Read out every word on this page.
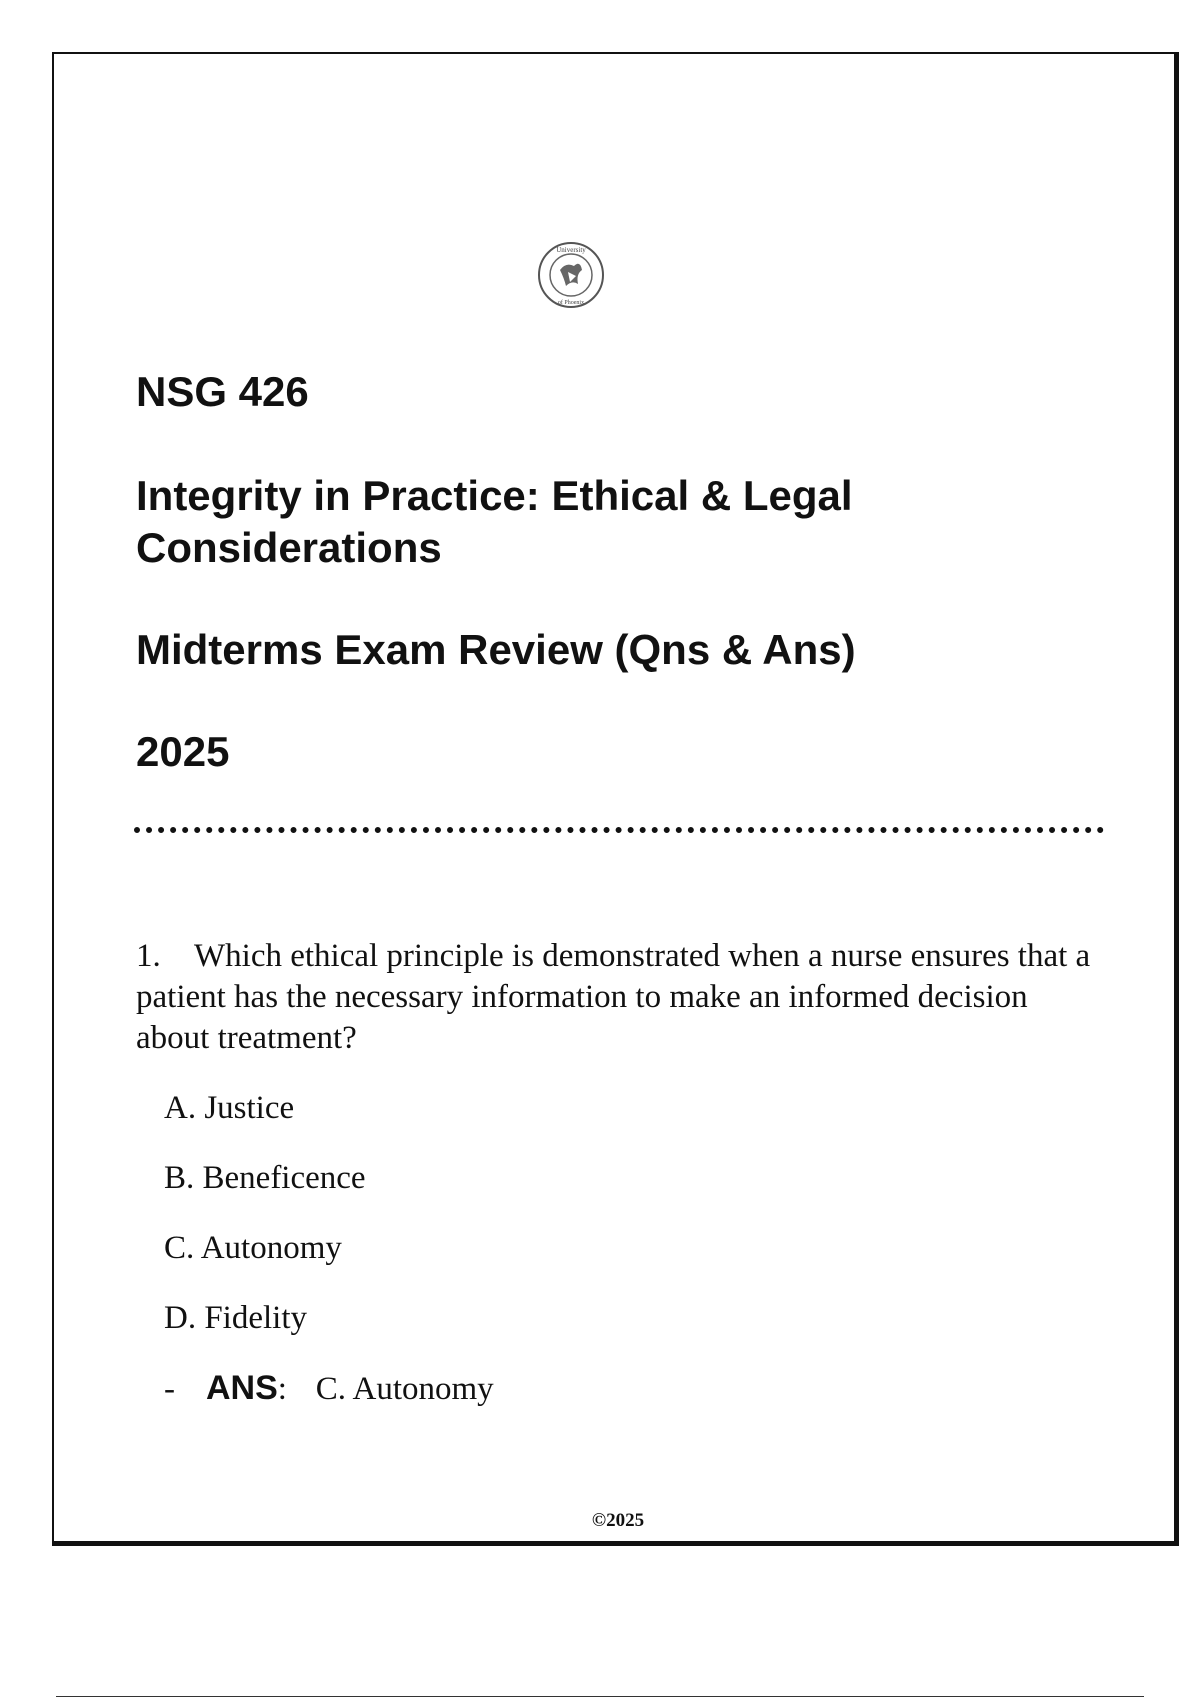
University
of Phoenix
NSG 426
Integrity in Practice: Ethical & Legal Considerations
Midterms Exam Review (Qns & Ans)
2025

1. Which ethical principle is demonstrated when a nurse ensures that a patient has the necessary information to make an informed decision about treatment?

A. Justice

B. Beneficence

C. Autonomy

D. Fidelity

- ANS: C. Autonomy
©2025
